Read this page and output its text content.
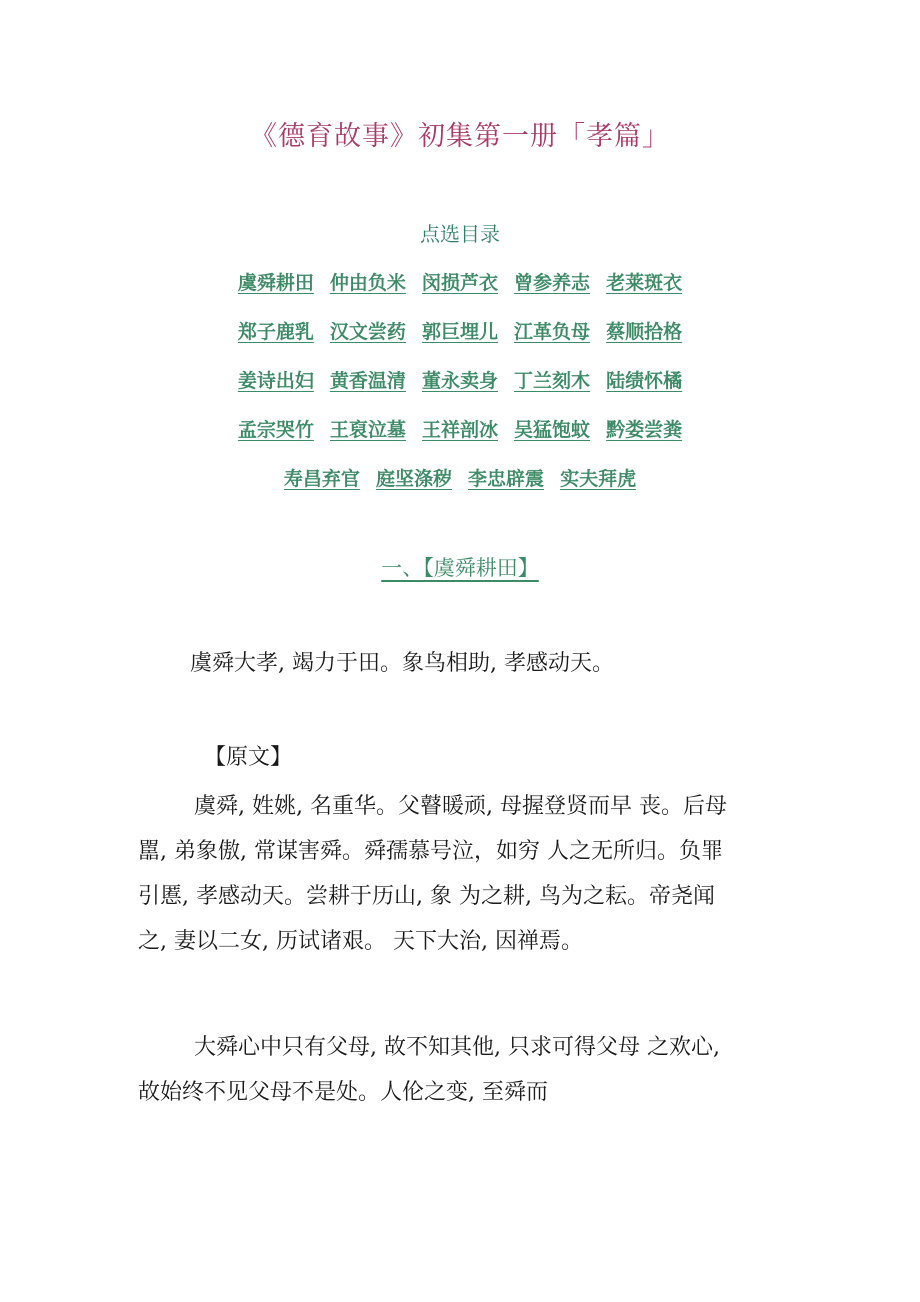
《德育故事》初集第一册「孝篇」
点选目录
虞舜耕田 仲由负米 闵损芦衣 曾参养志 老莱斑衣
郑子鹿乳 汉文尝药 郭巨埋儿 江革负母 蔡顺拾格
姜诗出妇 黄香温清 董永卖身 丁兰刻木 陆绩怀橘
孟宗哭竹 王裒泣墓 王祥剖冰 吴猛饱蚊 黔娄尝粪
寿昌弃官 庭坚涤秽 李忠辟震 实夫拜虎
一、【虞舜耕田】
虞舜大孝, 竭力于田。象鸟相助, 孝感动天。
【原文】
虞舜, 姓姚, 名重华。父瞽暖顽, 母握登贤而早 丧。后母
嚚, 弟象傲, 常谋害舜。舜孺慕号泣，如穷 人之无所归。负罪
引慝, 孝感动天。尝耕于历山, 象 为之耕, 鸟为之耘。帝尧闻
之, 妻以二女, 历试诸艰。 天下大治, 因禅焉。
大舜心中只有父母, 故不知其他, 只求可得父母 之欢心,
故始终不见父母不是处。人伦之变, 至舜而
